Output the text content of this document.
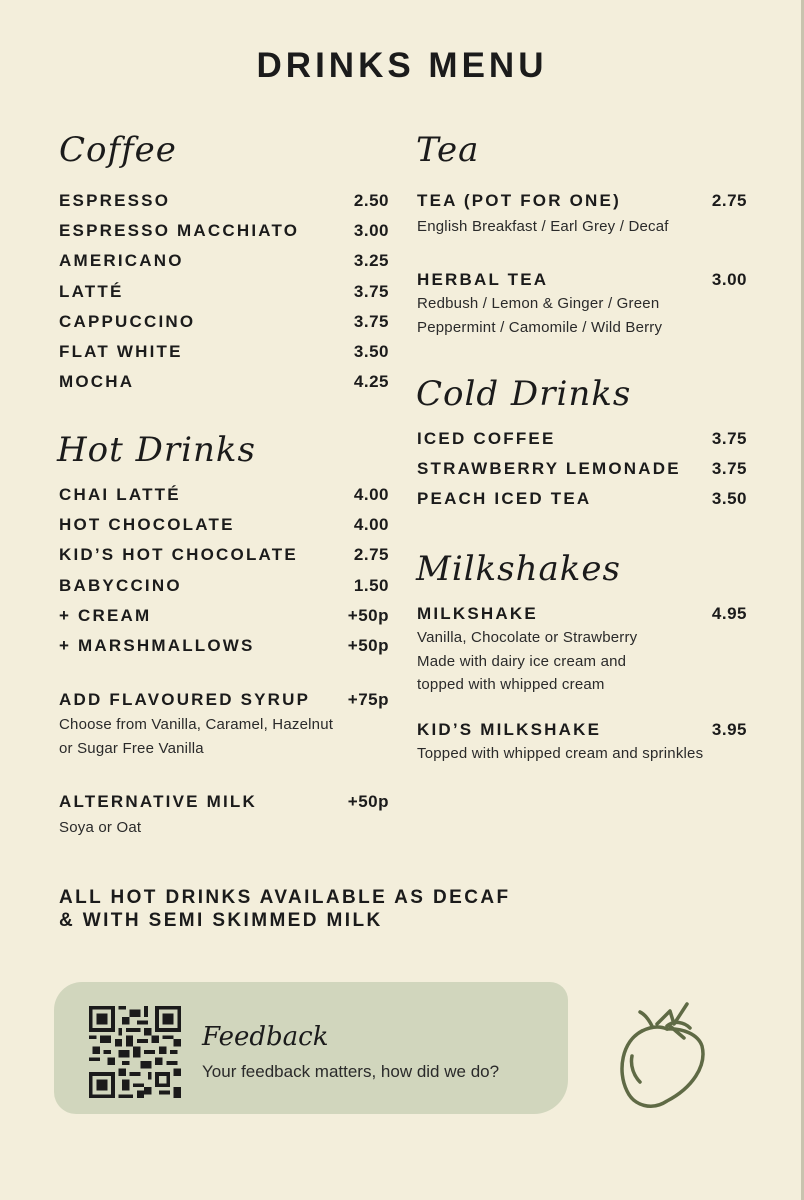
DRINKS MENU
Coffee
ESPRESSO	2.50
ESPRESSO MACCHIATO	3.00
AMERICANO	3.25
LATTÉ	3.75
CAPPUCCINO	3.75
FLAT WHITE	3.50
MOCHA	4.25
Hot Drinks
CHAI LATTÉ	4.00
HOT CHOCOLATE	4.00
KID’S HOT CHOCOLATE	2.75
BABYCCINO	1.50
+ CREAM	+50p
+ MARSHMALLOWS	+50p
ADD FLAVOURED SYRUP +75p
Choose from Vanilla, Caramel, Hazelnut
or Sugar Free Vanilla
ALTERNATIVE MILK	+50p
Soya or Oat
Tea
TEA (POT FOR ONE)	2.75
English Breakfast / Earl Grey / Decaf
HERBAL TEA	3.00
Redbush / Lemon & Ginger / Green
Peppermint / Camomile / Wild Berry
Cold Drinks
ICED COFFEE	3.75
STRAWBERRY LEMONADE 3.75
PEACH ICED TEA	3.50
Milkshakes
MILKSHAKE	4.95
Vanilla, Chocolate or Strawberry
Made with dairy ice cream and
topped with whipped cream
KID’S MILKSHAKE	3.95
Topped with whipped cream and sprinkles
ALL HOT DRINKS AVAILABLE AS DECAF
& WITH SEMI SKIMMED MILK
Feedback
Your feedback matters, how did we do?
